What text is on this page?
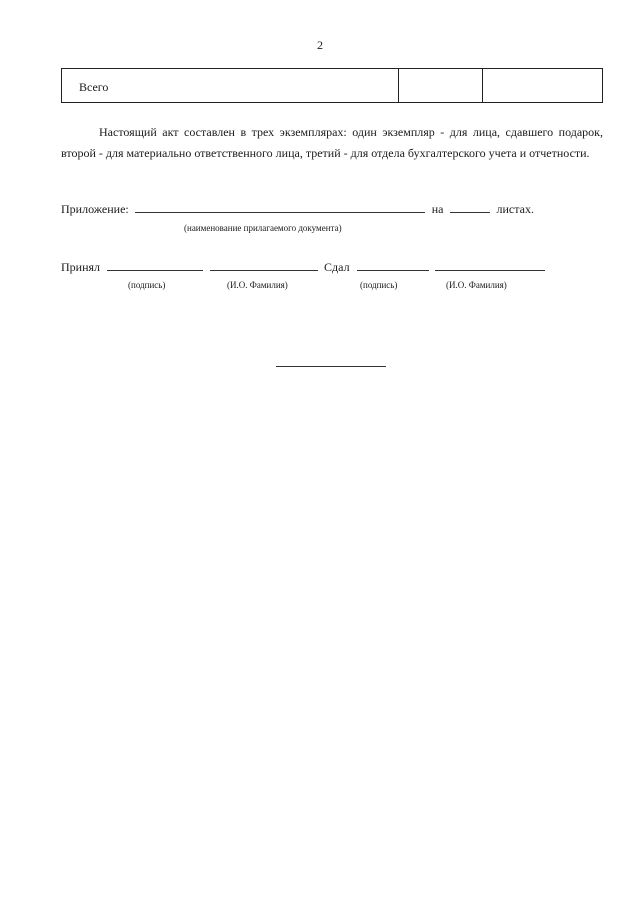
2
Всего		
Настоящий акт составлен в трех экземплярах: один экземпляр - для лица, сдавшего подарок,
второй - для материально ответственного лица, третий - для отдела бухгалтерского учета и отчетности.
Приложение:	на	листах.
(наименование прилагаемого документа)
Принял	Сдал
(подпись)	(И.О. Фамилия)	(подпись)	(И.О. Фамилия)
